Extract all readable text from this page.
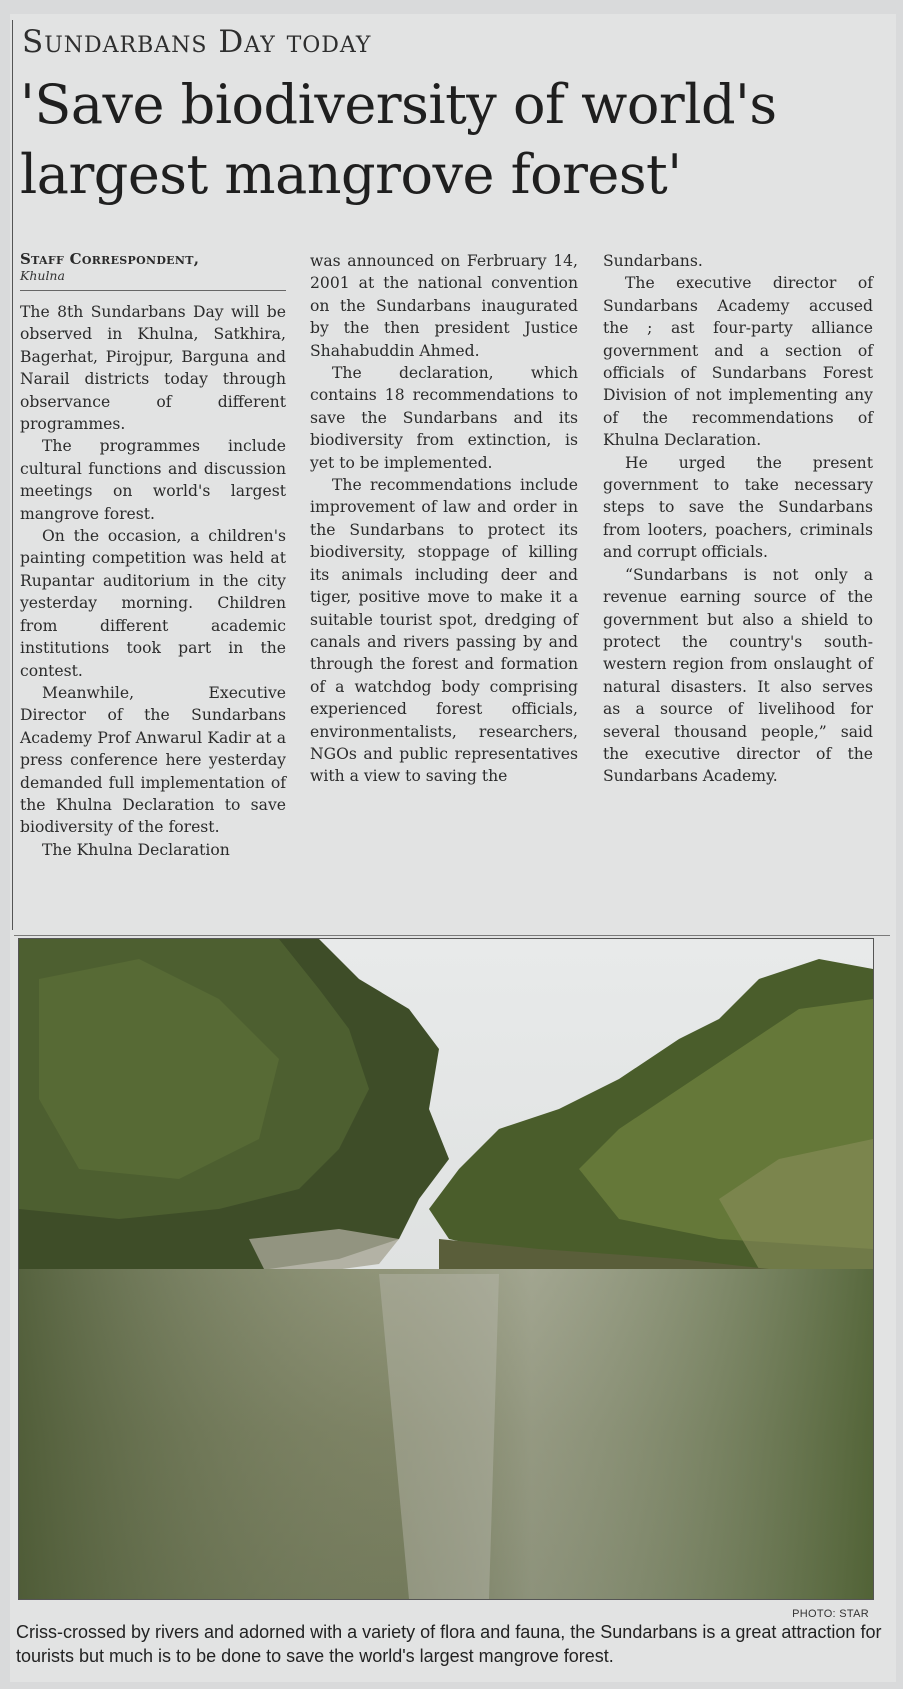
Sundarbans Day today
'Save biodiversity of world's largest mangrove forest'
Staff Correspondent,
Khulna

The 8th Sundarbans Day will be observed in Khulna, Satkhira, Bagerhat, Pirojpur, Barguna and Narail districts today through observance of different programmes.

The programmes include cultural functions and discussion meetings on world's largest mangrove forest.

On the occasion, a children's painting competition was held at Rupantar auditorium in the city yesterday morning. Children from different academic institutions took part in the contest.

Meanwhile, Executive Director of the Sundarbans Academy Prof Anwarul Kadir at a press conference here yesterday demanded full implementation of the Khulna Declaration to save biodiversity of the forest.

The Khulna Declaration

was announced on Ferbruary 14, 2001 at the national convention on the Sundarbans inaugurated by the then president Justice Shahabuddin Ahmed.

The declaration, which contains 18 recommendations to save the Sundarbans and its biodiversity from extinction, is yet to be implemented.

The recommendations include improvement of law and order in the Sundarbans to protect its biodiversity, stoppage of killing its animals including deer and tiger, positive move to make it a suitable tourist spot, dredging of canals and rivers passing by and through the forest and formation of a watchdog body comprising experienced forest officials, environmentalists, researchers, NGOs and public representatives with a view to saving the

Sundarbans.

The executive director of Sundarbans Academy accused the ; ast four-party alliance government and a section of officials of Sundarbans Forest Division of not implementing any of the recommendations of Khulna Declaration.

He urged the present government to take necessary steps to save the Sundarbans from looters, poachers, criminals and corrupt officials.

“Sundarbans is not only a revenue earning source of the government but also a shield to protect the country's south-western region from onslaught of natural disasters. It also serves as a source of livelihood for several thousand people,” said the executive director of the Sundarbans Academy.

PHOTO: STAR
Criss-crossed by rivers and adorned with a variety of flora and fauna, the Sundarbans is a great attraction for tourists but much is to be done to save the world's largest mangrove forest.
